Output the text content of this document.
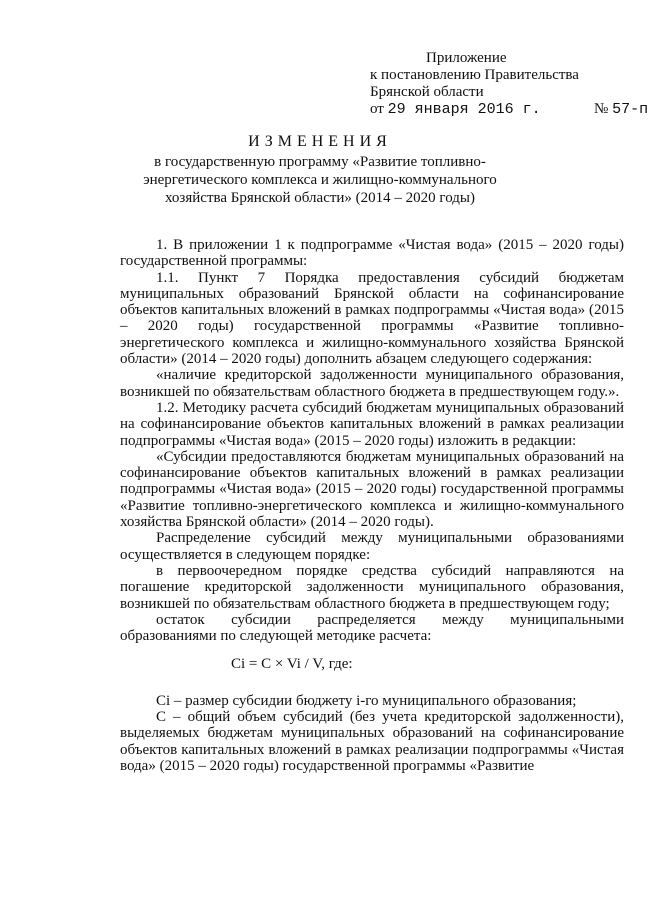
Приложение
к постановлению Правительства
Брянской области
от 29 января 2016 г.	№ 57-п
ИЗМЕНЕНИЯ
в государственную программу «Развитие топливно-энергетического комплекса и жилищно-коммунального хозяйства Брянской области» (2014 – 2020 годы)

1. В приложении 1 к подпрограмме «Чистая вода» (2015 – 2020 годы) государственной программы:

1.1. Пункт 7 Порядка предоставления субсидий бюджетам муниципальных образований Брянской области на софинансирование объектов капитальных вложений в рамках подпрограммы «Чистая вода» (2015 – 2020 годы) государственной программы «Развитие топливно-энергетического комплекса и жилищно-коммунального хозяйства Брянской области» (2014 – 2020 годы) дополнить абзацем следующего содержания:

«наличие кредиторской задолженности муниципального образования, возникшей по обязательствам областного бюджета в предшествующем году.».

1.2. Методику расчета субсидий бюджетам муниципальных образований на софинансирование объектов капитальных вложений в рамках реализации подпрограммы «Чистая вода» (2015 – 2020 годы) изложить в редакции:

«Субсидии предоставляются бюджетам муниципальных образований на софинансирование объектов капитальных вложений в рамках реализации подпрограммы «Чистая вода» (2015 – 2020 годы) государственной программы «Развитие топливно-энергетического комплекса и жилищно-коммунального хозяйства Брянской области» (2014 – 2020 годы).

Распределение субсидий между муниципальными образованиями осуществляется в следующем порядке:

в первоочередном порядке средства субсидий направляются на погашение кредиторской задолженности муниципального образования, возникшей по обязательствам областного бюджета в предшествующем году;

остаток субсидии распределяется между муниципальными образованиями по следующей методике расчета:

Ci = C × Vi / V, где:

Ci – размер субсидии бюджету i-го муниципального образования;

C – общий объем субсидий (без учета кредиторской задолженности), выделяемых бюджетам муниципальных образований на софинансирование объектов капитальных вложений в рамках реализации подпрограммы «Чистая вода» (2015 – 2020 годы) государственной программы «Развитие
